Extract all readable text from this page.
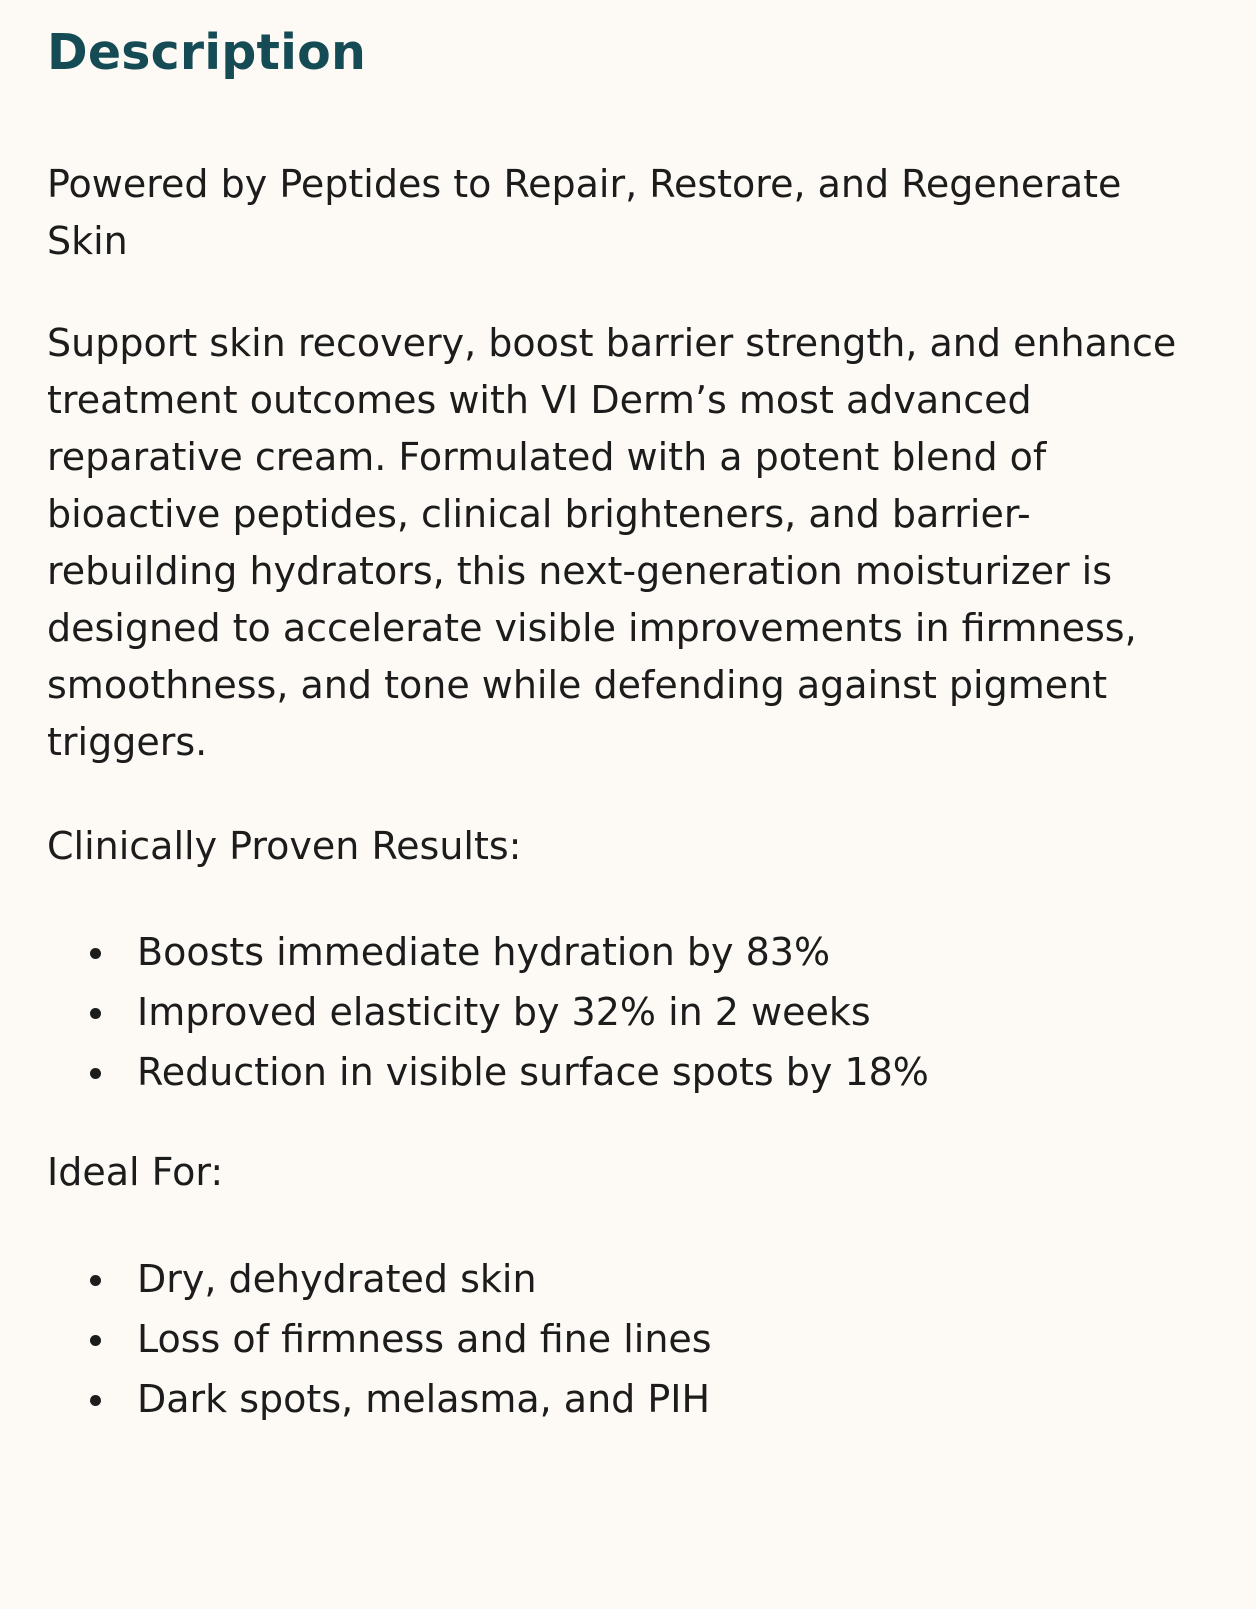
Description
Powered by Peptides to Repair, Restore, and Regenerate Skin

Support skin recovery, boost barrier strength, and enhance treatment outcomes with VI Derm’s most advanced reparative cream. Formulated with a potent blend of bioactive peptides, clinical brighteners, and barrier-rebuilding hydrators, this next-generation moisturizer is designed to accelerate visible improvements in firmness, smoothness, and tone while defending against pigment triggers.

Clinically Proven Results:
Boosts immediate hydration by 83%
Improved elasticity by 32% in 2 weeks
Reduction in visible surface spots by 18%
Ideal For:
Dry, dehydrated skin
Loss of firmness and fine lines
Dark spots, melasma, and PIH
